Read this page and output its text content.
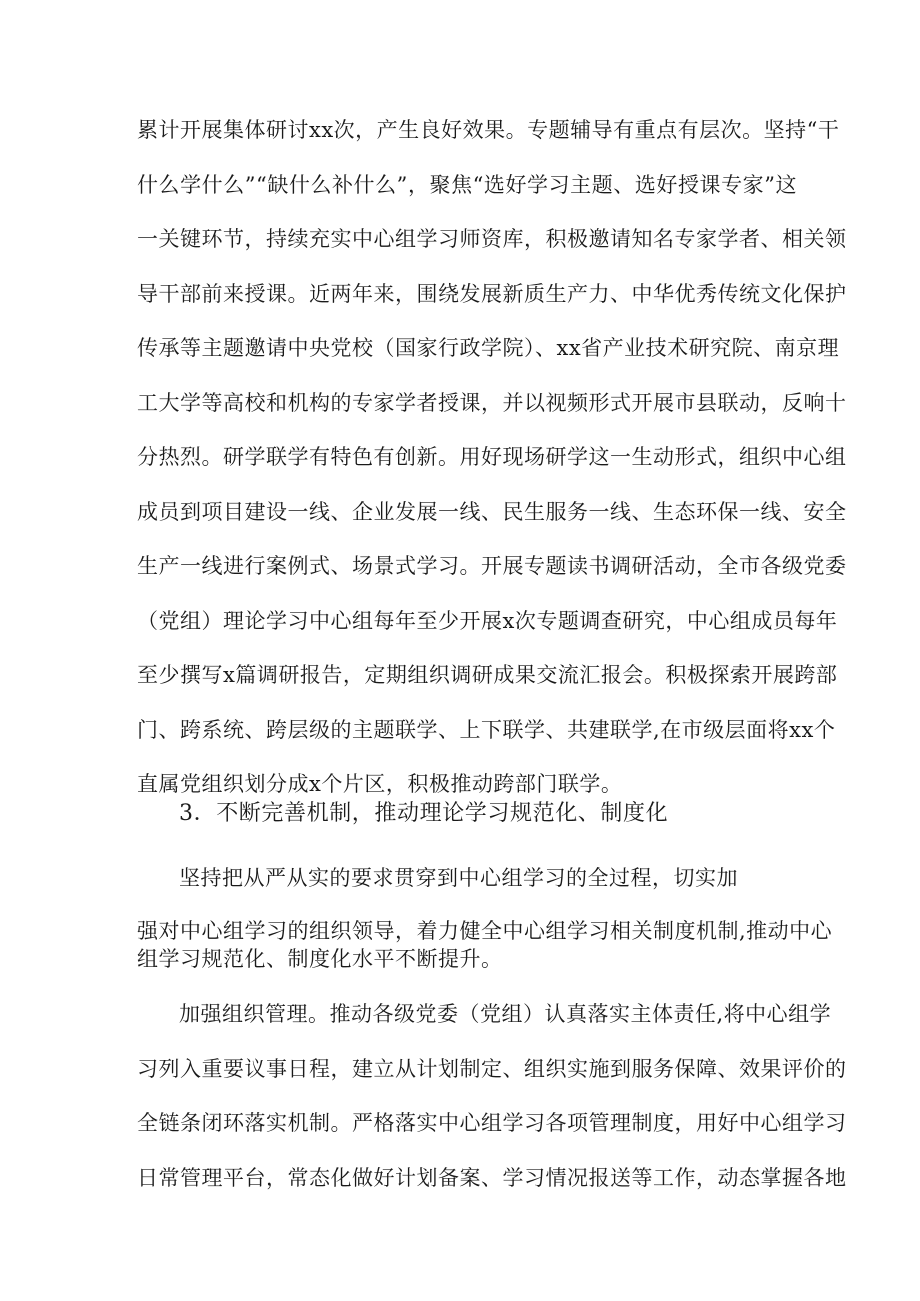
累计开展集体研讨xx次，产生良好效果。专题辅导有重点有层次。坚持“干
什么学什么”“缺什么补什么”，聚焦“选好学习主题、选好授课专家”这
一关键环节，持续充实中心组学习师资库，积极邀请知名专家学者、相关领
导干部前来授课。近两年来，围绕发展新质生产力、中华优秀传统文化保护
传承等主题邀请中央党校（国家行政学院）、xx省产业技术研究院、南京理
工大学等高校和机构的专家学者授课，并以视频形式开展市县联动，反响十
分热烈。研学联学有特色有创新。用好现场研学这一生动形式，组织中心组
成员到项目建设一线、企业发展一线、民生服务一线、生态环保一线、安全
生产一线进行案例式、场景式学习。开展专题读书调研活动，全市各级党委
（党组）理论学习中心组每年至少开展x次专题调查研究，中心组成员每年
至少撰写x篇调研报告，定期组织调研成果交流汇报会。积极探索开展跨部
门、跨系统、跨层级的主题联学、上下联学、共建联学,在市级层面将xx个
直属党组织划分成x个片区，积极推动跨部门联学。
3．不断完善机制，推动理论学习规范化、制度化
坚持把从严从实的要求贯穿到中心组学习的全过程，切实加
强对中心组学习的组织领导，着力健全中心组学习相关制度机制,推动中心
组学习规范化、制度化水平不断提升。
加强组织管理。推动各级党委（党组）认真落实主体责任,将中心组学
习列入重要议事日程，建立从计划制定、组织实施到服务保障、效果评价的
全链条闭环落实机制。严格落实中心组学习各项管理制度，用好中心组学习
日常管理平台，常态化做好计划备案、学习情况报送等工作，动态掌握各地
